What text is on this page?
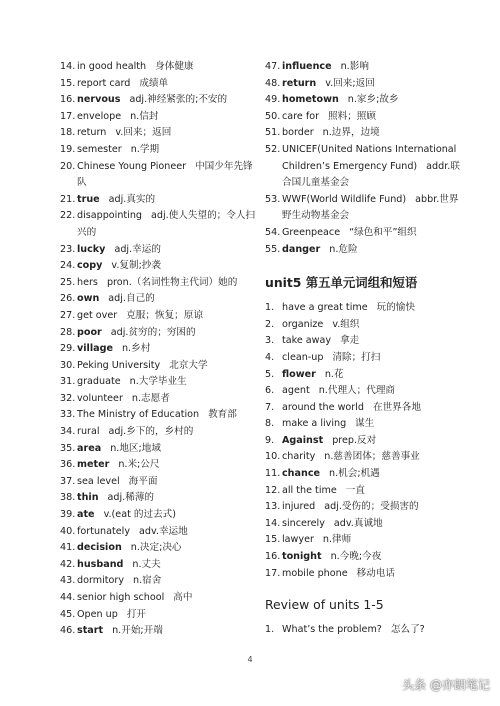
14. in good health 身体健康
15. report card 成绩单
16. nervous adj.神经紧张的;不安的
17. envelope n.信封
18. return v.回来；返回
19. semester n.学期
20. Chinese Young Pioneer 中国少年先锋队
21. true adj.真实的
22. disappointing adj.使人失望的；令人扫兴的
23. lucky adj.幸运的
24. copy v.复制;抄袭
25. hers pron.（名词性物主代词）她的
26. own adj.自己的
27. get over 克服；恢复；原谅
28. poor adj.贫穷的；穷困的
29. village n.乡村
30. Peking University 北京大学
31. graduate n.大学毕业生
32. volunteer n.志愿者
33. The Ministry of Education 教育部
34. rural adj.乡下的，乡村的
35. area n.地区;地域
36. meter n.米;公尺
37. sea level 海平面
38. thin adj.稀薄的
39. ate v.(eat 的过去式)
40. fortunately adv.幸运地
41. decision n.决定;决心
42. husband n.丈夫
43. dormitory n.宿舍
44. senior high school 高中
45. Open up 打开
46. start n.开始;开端
47. influence n.影响
48. return v.回来;返回
49. hometown n.家乡;故乡
50. care for 照料；照顾
51. border n.边界，边境
52. UNICEF(United Nations International Children’s Emergency Fund) addr.联合国儿童基金会
53. WWF(World Wildlife Fund) abbr.世界野生动物基金会
54. Greenpeace “绿色和平”组织
55. danger n.危险
unit5 第五单元词组和短语
1. have a great time 玩的愉快
2. organize v.组织
3. take away 拿走
4. clean-up 清除；打扫
5. flower n.花
6. agent n.代理人；代理商
7. around the world 在世界各地
8. make a living 谋生
9. Against prep.反对
10. charity n.慈善团体；慈善事业
11. chance n.机会;机遇
12. all the time 一直
13. injured adj.受伤的；受损害的
14. sincerely adv.真诚地
15. lawyer n.律师
16. tonight n.今晚;今夜
17. mobile phone 移动电话
Review of units 1-5
1. What’s the problem? 怎么了?
4
头条 @亦朗笔记
